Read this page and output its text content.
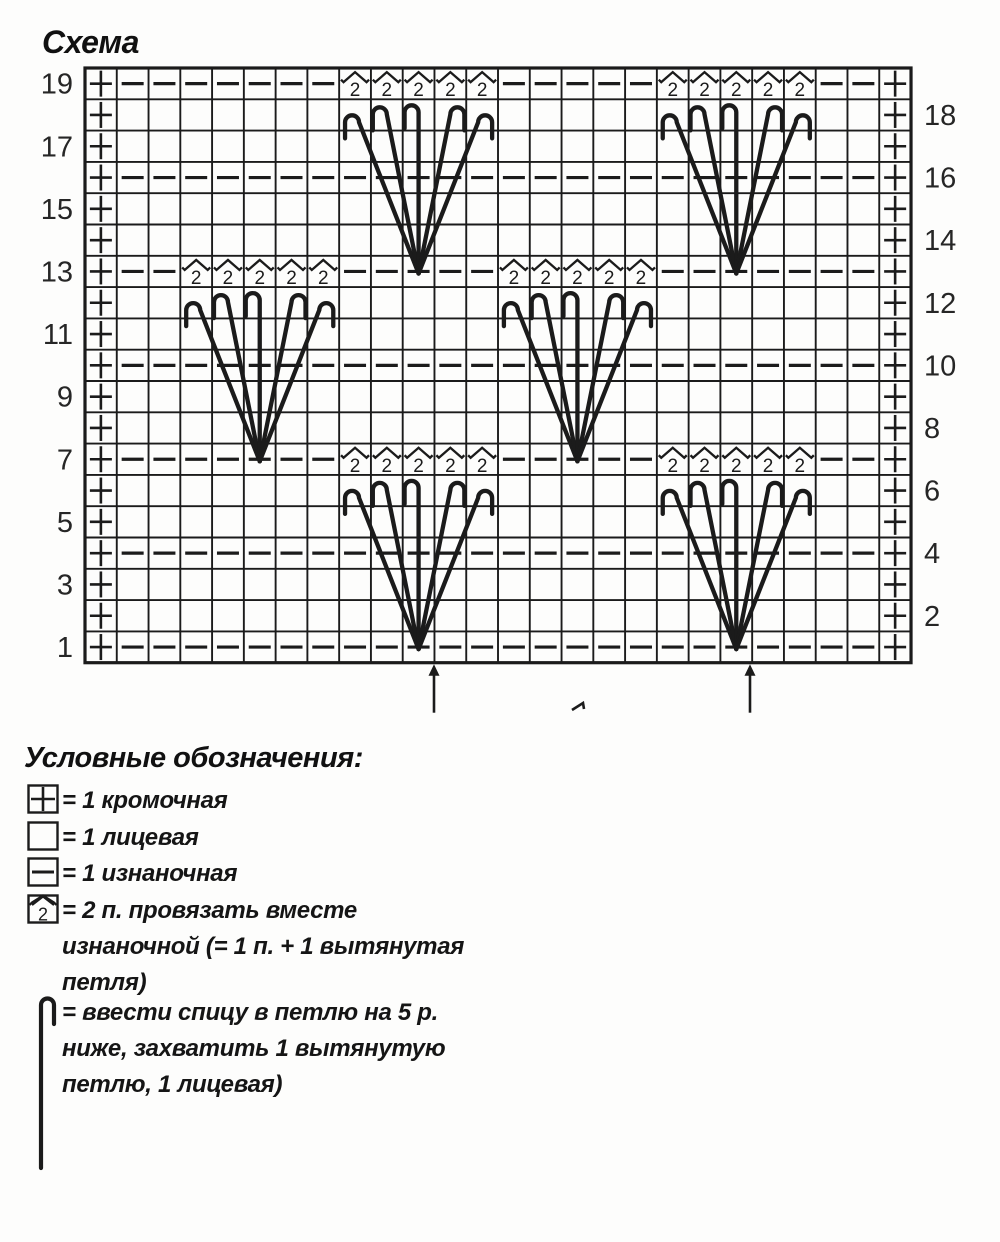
Схема
19
17
15
13
11
9
7
5
3
1
18
16
14
12
10
8
6
4
2
2 2 2 2 2	2 2 2 2 2
2 2 2 2 2	2 2 2 2 2
2 2 2 2 2	2 2 2 2 2
Условные обозначения:
2
= 1 кромочная
= 1 лицевая
= 1 изнаночная
= 2 п. провязать вместе
изнаночной (= 1 п. + 1 вытянутая
петля)
= ввести спицу в петлю на 5 р.
ниже, захватить 1 вытянутую
петлю, 1 лицевая)
